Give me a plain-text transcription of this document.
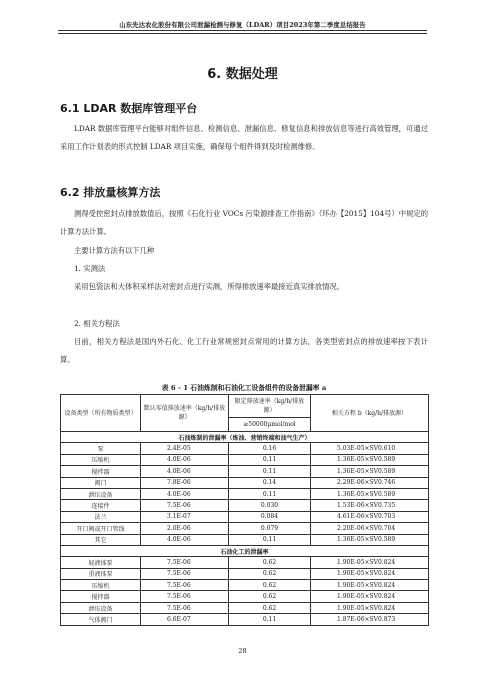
山东先达农化股份有限公司泄漏检测与修复（LDAR）项目2023年第二季度总结报告
6. 数据处理
6.1 LDAR 数据库管理平台

LDAR 数据库管理平台能够对组件信息、检测信息、泄漏信息、修复信息和排放信息等进行高效管理，可通过采用工作计划表的形式控制 LDAR 项目实施，确保每个组件得到及时检测维修。

6.2 排放量核算方法

测得受控密封点排放数值后，按照《石化行业 VOCs 污染源排查工作指南》（环办【2015】104号）中规定的计算方法计算。

主要计算方法有以下几种
1. 实测法

采用包袋法和大体积采样法对密封点进行实测，所得排放速率最接近真实排放情况。

2. 相关方程法

目前，相关方程法是国内外石化、化工行业常规密封点常用的计算方法，各类型密封点的排放速率按下表计算。

表 6 - 1 石油炼制和石油化工设备组件的设备泄漏率 a
设备类型（所有物质类型）	默认零值排放速率（kg/h/排放源）	限定排放速率（kg/h/排放源）	相关方程 b（kg/h/排放源）
		≥50000μmol/mol	
石油炼制的泄漏率（炼油、营销终端和油气生产）			
泵	2.4E-05	0.16	5.03E-05×SV0.610
压缩机	4.0E-06	0.11	1.36E-05×SV0.589
搅拌器	4.0E-06	0.11	1.36E-05×SV0.589
阀门	7.8E-06	0.14	2.29E-06×SV0.746
泄压设备	4.0E-06	0.11	1.36E-05×SV0.589
连接件	7.5E-06	0.030	1.53E-06×SV0.735
法兰	3.1E-07	0.084	4.61E-06×SV0.703
开口阀或开口管线	2.0E-06	0.079	2.20E-06×SV0.704
其它	4.0E-06	0.11	1.36E-05×SV0.589
石油化工的泄漏率			
轻液体泵	7.5E-06	0.62	1.90E-05×SV0.824
重液体泵	7.5E-06	0.62	1.90E-05×SV0.824
压缩机	7.5E-06	0.62	1.90E-05×SV0.824
搅拌器	7.5E-06	0.62	1.90E-05×SV0.824
泄压设备	7.5E-06	0.62	1.90E-05×SV0.824
气体阀门	6.6E-07	0.11	1.87E-06×SV0.873
28
